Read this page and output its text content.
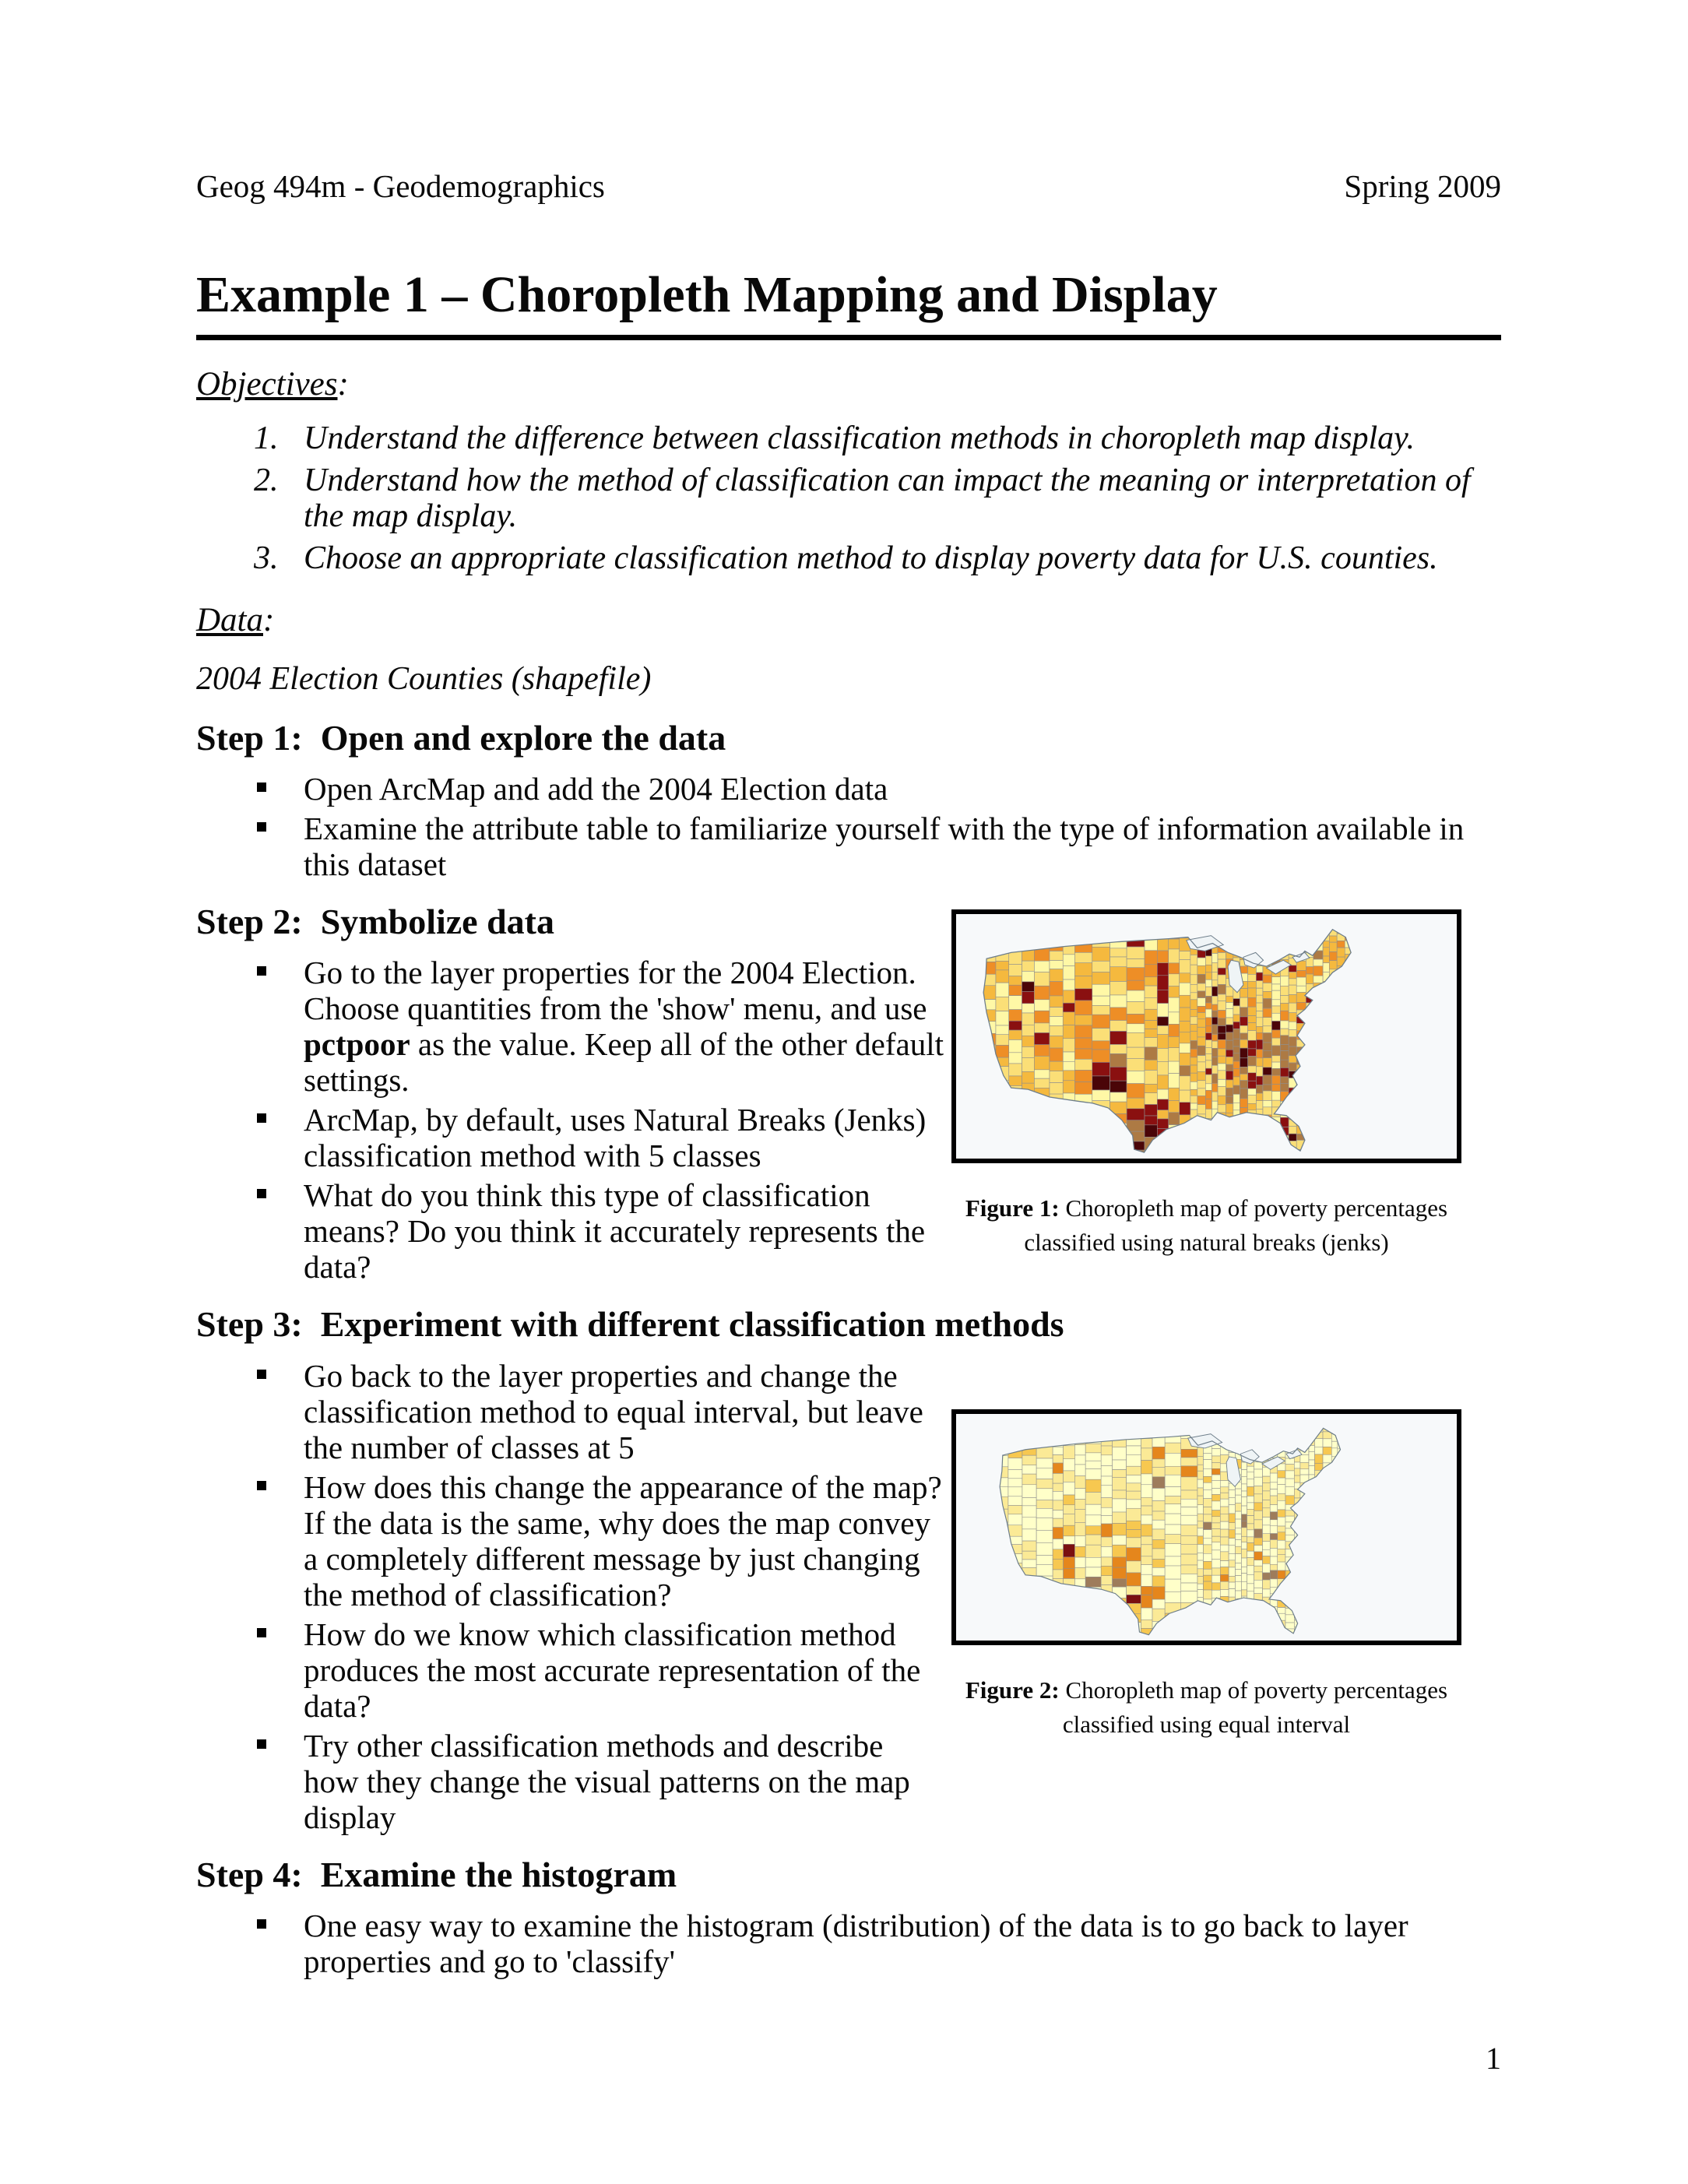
Geog 494m - Geodemographics	Spring 2009
Example 1 – Choropleth Mapping and Display
Objectives:
1. Understand the difference between classification methods in choropleth map display.
2. Understand how the method of classification can impact the meaning or interpretation of the map display.
3. Choose an appropriate classification method to display poverty data for U.S. counties.
Data:
2004 Election Counties (shapefile)
Step 1:  Open and explore the data
Open ArcMap and add the 2004 Election data
Examine the attribute table to familiarize yourself with the type of information available in this dataset
Step 2:  Symbolize data
Go to the layer properties for the 2004 Election. Choose quantities from the 'show' menu, and use pctpoor as the value. Keep all of the other default settings.
ArcMap, by default, uses Natural Breaks (Jenks) classification method with 5 classes
What do you think this type of classification means? Do you think it accurately represents the data?
Step 3:  Experiment with different classification methods
Go back to the layer properties and change the classification method to equal interval, but leave the number of classes at 5
How does this change the appearance of the map? If the data is the same, why does the map convey a completely different message by just changing the method of classification?
How do we know which classification method produces the most accurate representation of the data?
Try other classification methods and describe how they change the visual patterns on the map display
Step 4:  Examine the histogram
One easy way to examine the histogram (distribution) of the data is to go back to layer properties and go to 'classify'
Figure 1: Choropleth map of poverty percentages classified using natural breaks (jenks)
Figure 2: Choropleth map of poverty percentages classified using equal interval
1
